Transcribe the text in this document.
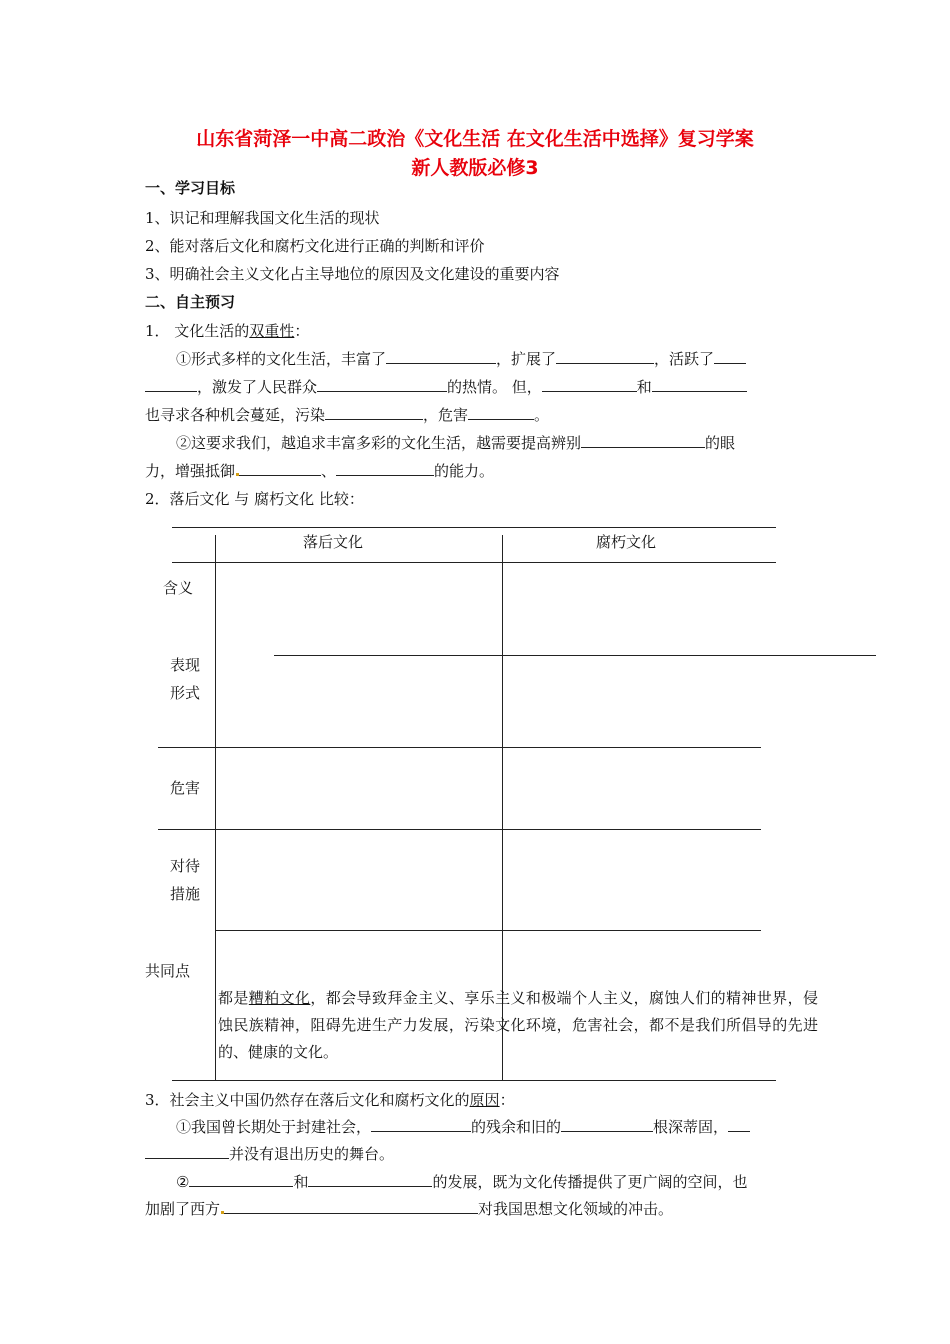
山东省菏泽一中高二政治《文化生活 在文化生活中选择》复习学案
新人教版必修3
一、学习目标
1、识记和理解我国文化生活的现状
2、能对落后文化和腐朽文化进行正确的判断和评价
3、明确社会主义文化占主导地位的原因及文化建设的重要内容
二、自主预习
1． 文化生活的双重性：
①形式多样的文化生活，丰富了	，扩展了	，活跃了
，激发了人民群众	的热情。 但，	和
也寻求各种机会蔓延，污染	，危害	。
②这要求我们，越追求丰富多彩的文化生活，越需要提高辨别	的眼
力，增强抵御	、	的能力。
2．落后文化 与 腐朽文化 比较：
落后文化	腐朽文化
含义
表现
形式
危害
对待
措施
共同点
都是糟粕文化，都会导致拜金主义、享乐主义和极端个人主义，腐蚀人们的精神世界，侵蚀民族精神，阻碍先进生产力发展，污染文化环境，危害社会，都不是我们所倡导的先进的、健康的文化。
3．社会主义中国仍然存在落后文化和腐朽文化的原因：
①我国曾长期处于封建社会，	的残余和旧的	根深蒂固，
并没有退出历史的舞台。
②	和	的发展，既为文化传播提供了更广阔的空间，也
加剧了西方	对我国思想文化领域的冲击。
